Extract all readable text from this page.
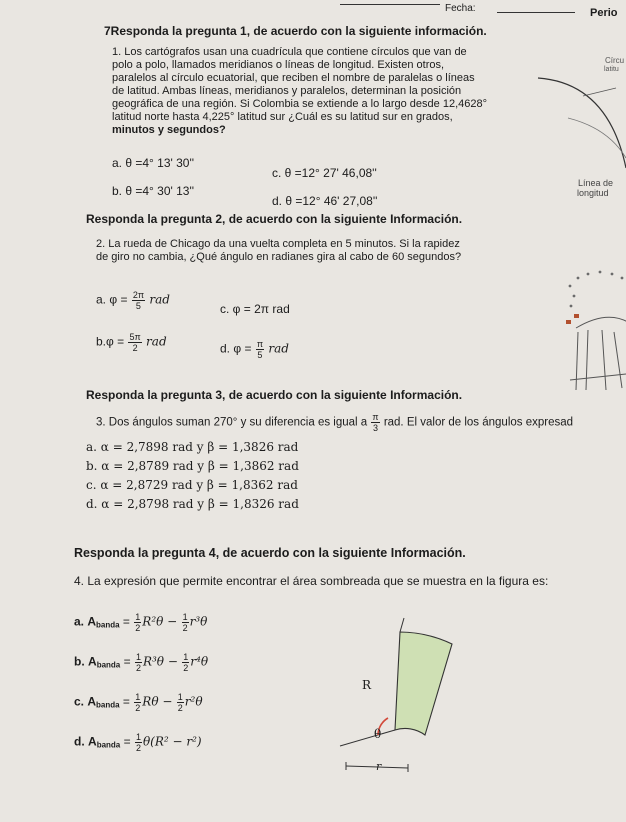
Fecha:	Perio
7Responda la pregunta 1, de acuerdo con la siguiente información.
1. Los cartógrafos usan una cuadrícula que contiene círculos que van de
polo a polo, llamados meridianos o líneas de longitud. Existen otros,
paralelos al círculo ecuatorial, que reciben el nombre de paralelas o líneas
de latitud. Ambas líneas, meridianos y paralelos, determinan la posición
geográfica de una región. Si Colombia se extiende a lo largo desde 12,4628°
latitud norte hasta 4,225° latitud sur ¿Cuál es su latitud sur en grados,
minutos y segundos?
a. θ =4° 13' 30''
c. θ =12° 27' 46,08''
b. θ =4° 30' 13''
d. θ =12° 46' 27,08''
Círcu
latitu
Línea de
longitud
Responda la pregunta 2, de acuerdo con la siguiente Información.
2. La rueda de Chicago da una vuelta completa en 5 minutos. Si la rapidez
de giro no cambia, ¿Qué ángulo en radianes gira al cabo de 60 segundos?
a. $\varphi = \frac{2\pi}{5}$ rad
c. φ = 2π rad
$b.\varphi = \frac{5\pi}{2}$ rad	d. $\varphi = \frac{\pi}{5}$ rad
Responda la pregunta 3, de acuerdo con la siguiente Información.
3. Dos ángulos suman 270° y su diferencia es igual a $\frac{\pi}{3}$ rad. El valor de los ángulos expresad
a. α = 2,7898 rad y β = 1,3826 rad
b. α = 2,8789 rad y β = 1,3862 rad
c. α = 2,8729 rad y β = 1,8362 rad
d. α = 2,8798 rad y β = 1,8326 rad
Responda la pregunta 4, de acuerdo con la siguiente Información.
4. La expresión que permite encontrar el área sombreada que se muestra en la figura es:
a. $A_{banda} = \frac{1}{2} R^2\theta - \frac{1}{2} r^3\theta$
b. $A_{banda} = \frac{1}{2} R^3\theta - \frac{1}{2} r^4\theta$
c. $A_{banda} = \frac{1}{2}$ $R\theta - \frac{1}{2} r^2\theta$
d. $A_{banda} = \frac{1}{2} \theta(R^2 - r^2)$
R
θ
r
